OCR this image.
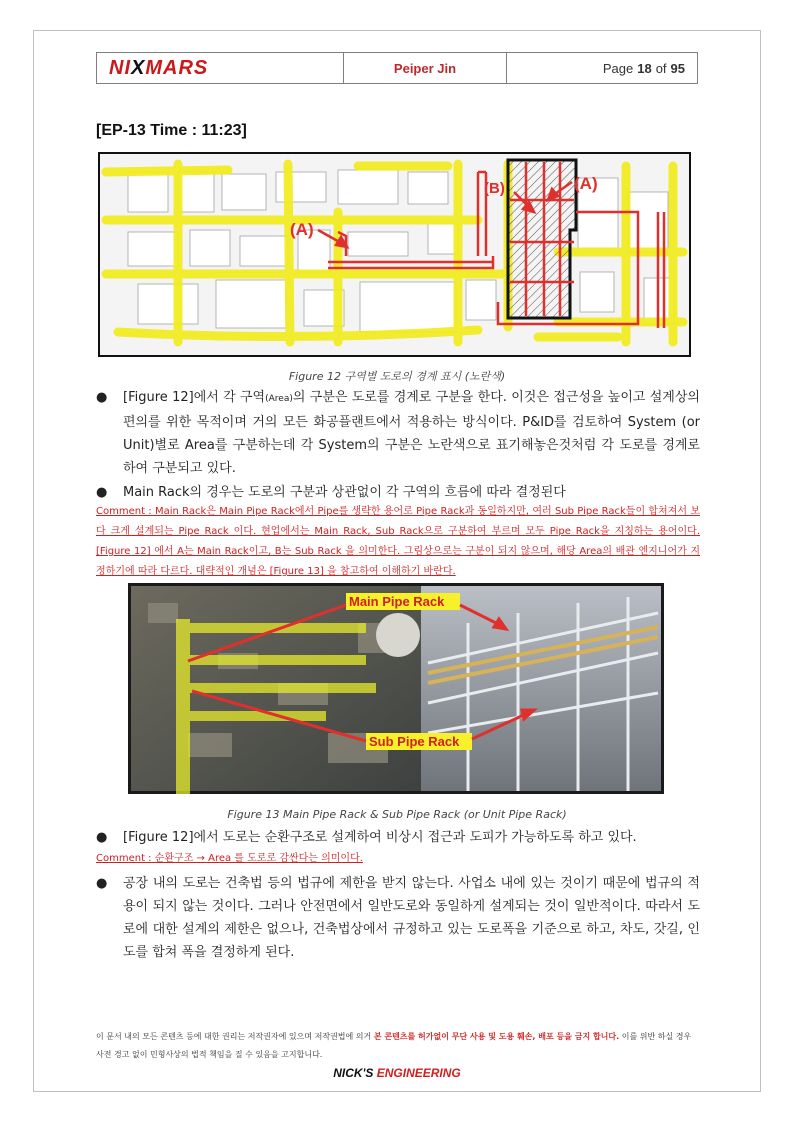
NIXMARS	Peiper Jin	Page 18 of 95
[EP-13 Time : 11:23]
(A)
(B)	(A)
Figure 12 구역별 도로의 경계 표시 (노란색)
● [Figure 12]에서 각 구역(Area)의 구분은 도로를 경계로 구분을 한다. 이것은 접근성을 높이고 설계상의 편의를 위한 목적이며 거의 모든 화공플랜트에서 적용하는 방식이다. P&ID를 검토하여 System (or Unit)별로 Area를 구분하는데 각 System의 구분은 노란색으로 표기해놓은것처럼 각 도로를 경계로 하여 구분되고 있다.
● Main Rack의 경우는 도로의 구분과 상관없이 각 구역의 흐름에 따라 결정된다
Comment : Main Rack은 Main Pipe Rack에서 Pipe를 생략한 용어로 Pipe Rack과 동일하지만, 여러 Sub Pipe Rack들이 합쳐져서 보다 크게 설계되는 Pipe Rack 이다. 현업에서는 Main Rack, Sub Rack으로 구분하여 부르며 모두 Pipe Rack을 지칭하는 용어이다. [Figure 12] 에서 A는 Main Rack이고, B는 Sub Rack 을 의미한다. 그림상으로는 구분이 되지 않으며, 해당 Area의 배관 엔지니어가 지정하기에 따라 다르다. 대략적인 개념은 [Figure 13] 을 참고하여 이해하기 바란다.
Main Pipe Rack
Sub Pipe Rack
Figure 13 Main Pipe Rack & Sub Pipe Rack (or Unit Pipe Rack)
● [Figure 12]에서 도로는 순환구조로 설계하여 비상시 접근과 도피가 가능하도록 하고 있다.
Comment : 순환구조 → Area 를 도로로 감싼다는 의미이다.
● 공장 내의 도로는 건축법 등의 법규에 제한을 받지 않는다. 사업소 내에 있는 것이기 때문에 법규의 적용이 되지 않는 것이다. 그러나 안전면에서 일반도로와 동일하게 설계되는 것이 일반적이다. 따라서 도로에 대한 설계의 제한은 없으나, 건축법상에서 규정하고 있는 도로폭을 기준으로 하고, 차도, 갓길, 인도를 합쳐 폭을 결정하게 된다.
이 문서 내의 모든 콘텐츠 등에 대한 권리는 저작권자에 있으며 저작권법에 의거 본 콘텐츠를 허가없이 무단 사용 및 도용 훼손, 배포 등을 금지 합니다. 이를 위반 하실 경우 사전 경고 없이 민형사상의 법적 책임을 질 수 있음을 고지합니다.
NICK'S ENGINEERING
